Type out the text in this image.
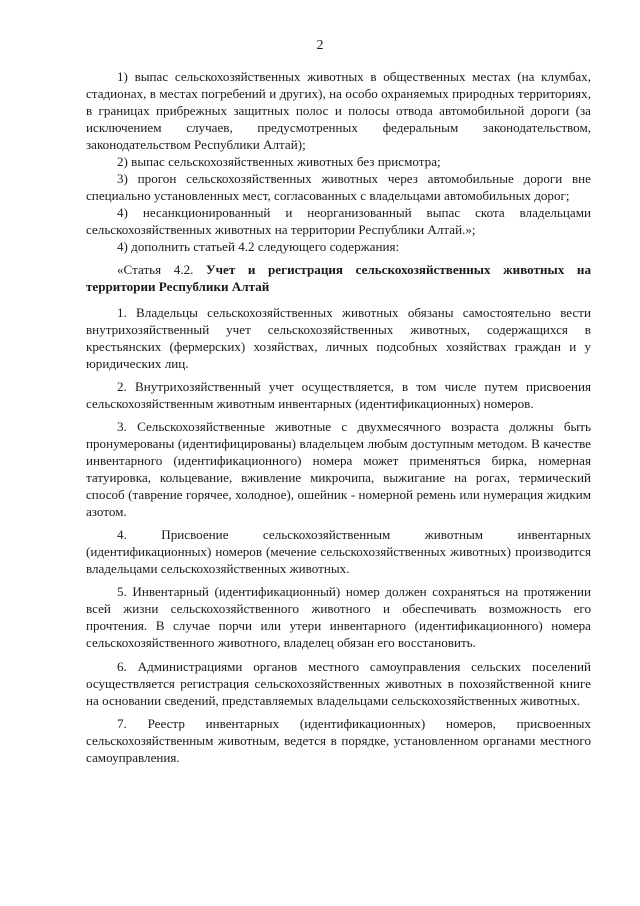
2

1) выпас сельскохозяйственных животных в общественных местах (на клумбах, стадионах, в местах погребений и других), на особо охраняемых природных территориях, в границах прибрежных защитных полос и полосы отвода автомобильной дороги (за исключением случаев, предусмотренных федеральным законодательством, законодательством Республики Алтай);

2) выпас сельскохозяйственных животных без присмотра;

3) прогон сельскохозяйственных животных через автомобильные дороги вне специально установленных мест, согласованных с владельцами автомобильных дорог;

4) несанкционированный и неорганизованный выпас скота владельцами сельскохозяйственных животных на территории Республики Алтай.»;

4) дополнить статьей 4.2 следующего содержания:

«Статья 4.2. Учет и регистрация сельскохозяйственных животных на территории Республики Алтай

1. Владельцы сельскохозяйственных животных обязаны самостоятельно вести внутрихозяйственный учет сельскохозяйственных животных, содержащихся в крестьянских (фермерских) хозяйствах, личных подсобных хозяйствах граждан и у юридических лиц.

2. Внутрихозяйственный учет осуществляется, в том числе путем присвоения сельскохозяйственным животным инвентарных (идентификационных) номеров.

3. Сельскохозяйственные животные с двухмесячного возраста должны быть пронумерованы (идентифицированы) владельцем любым доступным методом. В качестве инвентарного (идентификационного) номера может применяться бирка, номерная татуировка, кольцевание, вживление микрочипа, выжигание на рогах, термический способ (таврение горячее, холодное), ошейник - номерной ремень или нумерация жидким азотом.

4. Присвоение сельскохозяйственным животным инвентарных (идентификационных) номеров (мечение сельскохозяйственных животных) производится владельцами сельскохозяйственных животных.

5. Инвентарный (идентификационный) номер должен сохраняться на протяжении всей жизни сельскохозяйственного животного и обеспечивать возможность его прочтения. В случае порчи или утери инвентарного (идентификационного) номера сельскохозяйственного животного, владелец обязан его восстановить.

6. Администрациями органов местного самоуправления сельских поселений осуществляется регистрация сельскохозяйственных животных в похозяйственной книге на основании сведений, представляемых владельцами сельскохозяйственных животных.

7. Реестр инвентарных (идентификационных) номеров, присвоенных сельскохозяйственным животным, ведется в порядке, установленном органами местного самоуправления.
